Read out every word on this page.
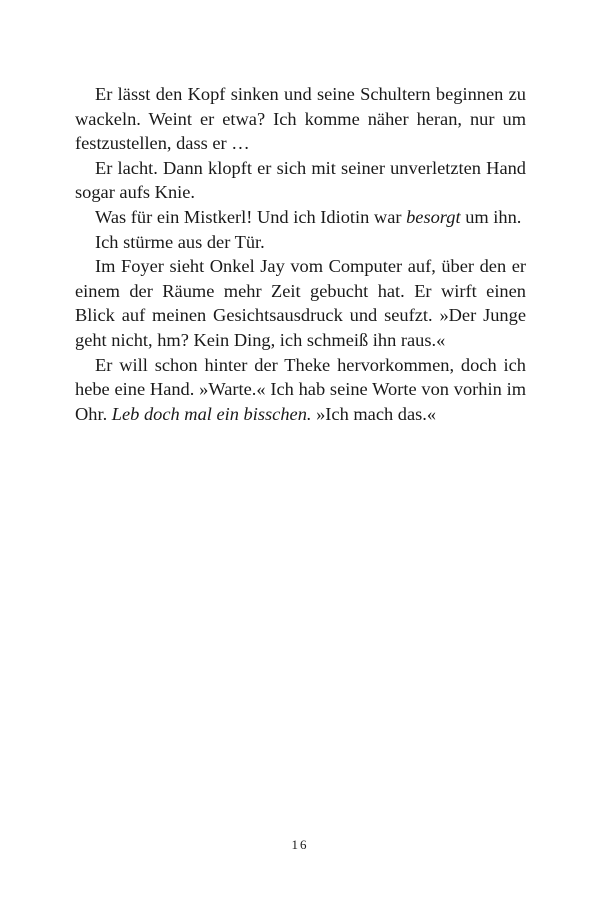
Er lässt den Kopf sinken und seine Schultern beginnen zu wackeln. Weint er etwa? Ich komme näher heran, nur um festzustellen, dass er …

Er lacht. Dann klopft er sich mit seiner unverletzten Hand sogar aufs Knie.

Was für ein Mistkerl! Und ich Idiotin war besorgt um ihn.

Ich stürme aus der Tür.

Im Foyer sieht Onkel Jay vom Computer auf, über den er einem der Räume mehr Zeit gebucht hat. Er wirft einen Blick auf meinen Gesichtsausdruck und seufzt. »Der Junge geht nicht, hm? Kein Ding, ich schmeiß ihn raus.«

Er will schon hinter der Theke hervorkommen, doch ich hebe eine Hand. »Warte.« Ich hab seine Worte von vorhin im Ohr. Leb doch mal ein bisschen. »Ich mach das.«

16
